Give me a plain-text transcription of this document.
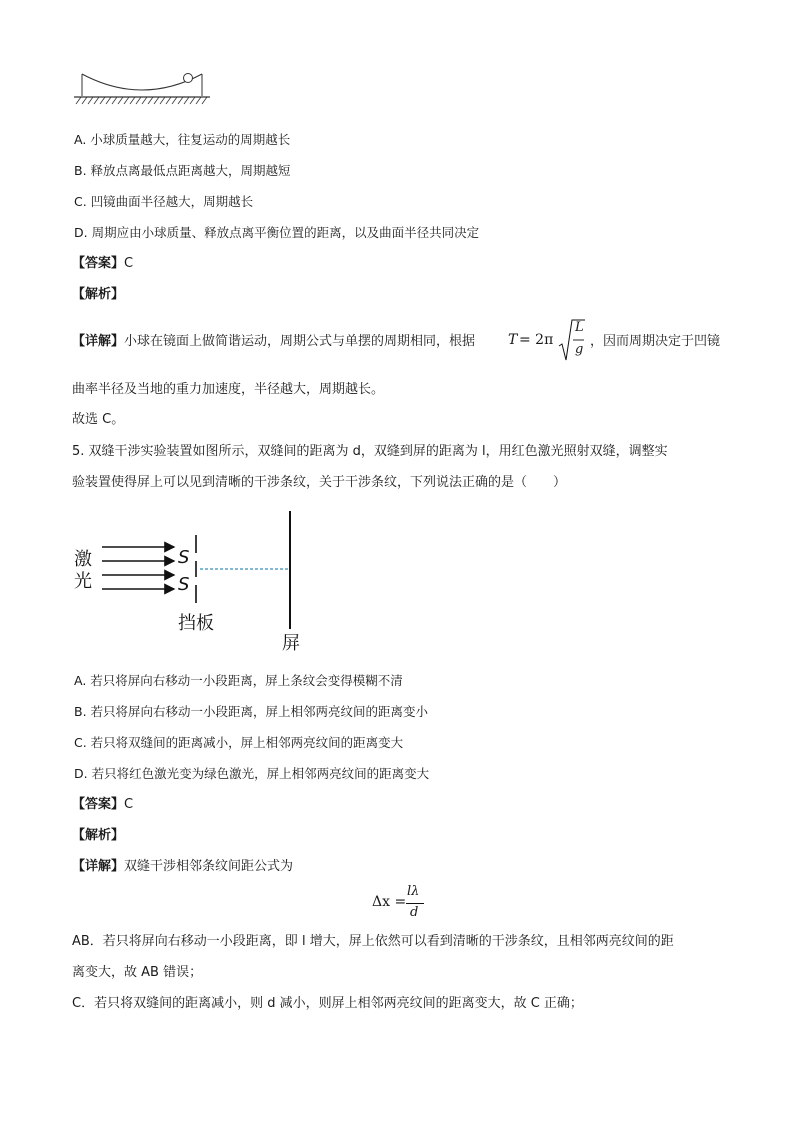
A. 小球质量越大，往复运动的周期越长
B. 释放点离最低点距离越大，周期越短
C. 凹镜曲面半径越大，周期越长
D. 周期应由小球质量、释放点离平衡位置的距离，以及曲面半径共同决定
【答案】C
【解析】
【详解】小球在镜面上做简谐运动，周期公式与单摆的周期相同，根据 T = 2π
L
g
，因而周期决定于凹镜
曲率半径及当地的重力加速度，半径越大，周期越长。
故选 C。
5. 双缝干涉实验装置如图所示，双缝间的距离为 d，双缝到屏的距离为 l，用红色激光照射双缝，调整实
验装置使得屏上可以见到清晰的干涉条纹，关于干涉条纹，下列说法正确的是（　　）
激
光
S
S
挡板
屏
A. 若只将屏向右移动一小段距离，屏上条纹会变得模糊不清
B. 若只将屏向右移动一小段距离，屏上相邻两亮纹间的距离变小
C. 若只将双缝间的距离减小，屏上相邻两亮纹间的距离变大
D. 若只将红色激光变为绿色激光，屏上相邻两亮纹间的距离变大
【答案】C
【解析】
【详解】双缝干涉相邻条纹间距公式为
Δx =
lλ
d
AB．若只将屏向右移动一小段距离，即 l 增大，屏上依然可以看到清晰的干涉条纹，且相邻两亮纹间的距
离变大，故 AB 错误；
C．若只将双缝间的距离减小，则 d 减小，则屏上相邻两亮纹间的距离变大，故 C 正确；
